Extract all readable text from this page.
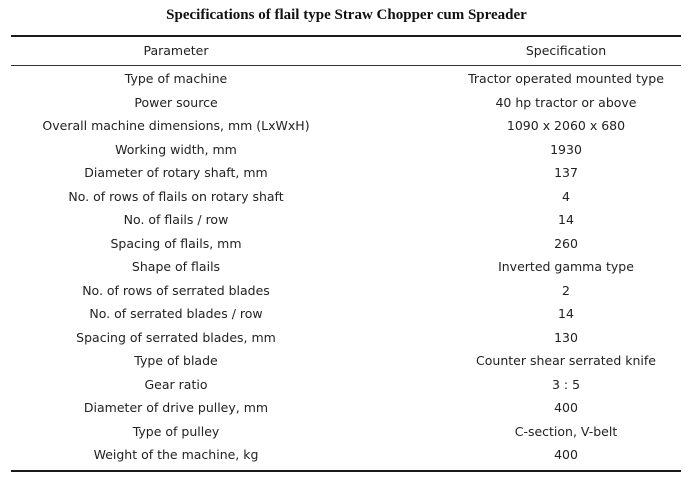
Specifications of flail type Straw Chopper cum Spreader
Parameter	Specification
Type of machine	Tractor operated mounted type
Power source	40 hp tractor or above
Overall machine dimensions, mm (LxWxH)	1090 x 2060 x 680
Working width, mm	1930
Diameter of rotary shaft, mm	137
No. of rows of flails on rotary shaft	4
No. of flails / row	14
Spacing of flails, mm	260
Shape of flails	Inverted gamma type
No. of rows of serrated blades	2
No. of serrated blades / row	14
Spacing of serrated blades, mm	130
Type of blade	Counter shear serrated knife
Gear ratio	3 : 5
Diameter of drive pulley, mm	400
Type of pulley	C-section, V-belt
Weight of the machine, kg	400
